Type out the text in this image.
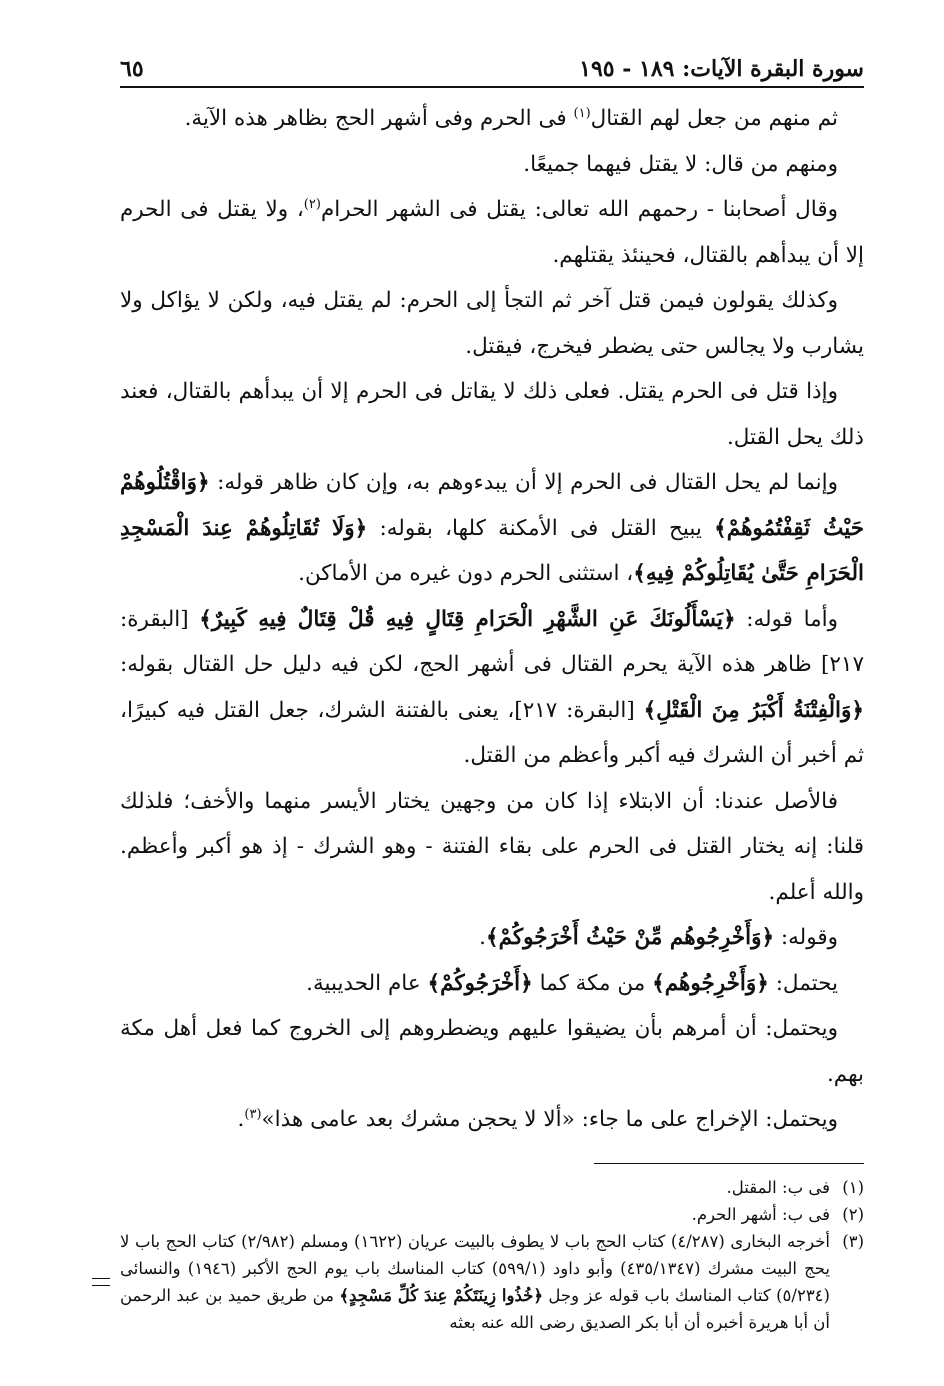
سورة البقرة الآيات: ١٨٩ - ١٩٥
٦٥

ثم منهم من جعل لهم القتال$^{(١)}$ فى الحرم وفى أشهر الحج بظاهر هذه الآية.

ومنهم من قال: لا يقتل فيهما جميعًا.

وقال أصحابنا - رحمهم الله تعالى: يقتل فى الشهر الحرام$^{(٢)}$، ولا يقتل فى الحرم إلا أن يبدأهم بالقتال، فحينئذ يقتلهم.

وكذلك يقولون فيمن قتل آخر ثم التجأ إلى الحرم: لم يقتل فيه، ولكن لا يؤاكل ولا يشارب ولا يجالس حتى يضطر فيخرج، فيقتل.

وإذا قتل فى الحرم يقتل. فعلى ذلك لا يقاتل فى الحرم إلا أن يبدأهم بالقتال، فعند ذلك يحل القتل.

وإنما لم يحل القتال فى الحرم إلا أن يبدءوهم به، وإن كان ظاهر قوله: ﴿وَاقْتُلُوهُمْ حَيْثُ ثَقِفْتُمُوهُمْ﴾ يبيح القتل فى الأمكنة كلها، بقوله: ﴿وَلَا تُقَاتِلُوهُمْ عِندَ الْمَسْجِدِ الْحَرَامِ حَتَّىٰ يُقَاتِلُوكُمْ فِيهِ﴾، استثنى الحرم دون غيره من الأماكن.

وأما قوله: ﴿يَسْأَلُونَكَ عَنِ الشَّهْرِ الْحَرَامِ قِتَالٍ فِيهِ قُلْ قِتَالٌ فِيهِ كَبِيرٌ﴾ [البقرة: ٢١٧] ظاهر هذه الآية يحرم القتال فى أشهر الحج، لكن فيه دليل حل القتال بقوله: ﴿وَالْفِتْنَةُ أَكْبَرُ مِنَ الْقَتْلِ﴾ [البقرة: ٢١٧]، يعنى بالفتنة الشرك، جعل القتل فيه كبيرًا، ثم أخبر أن الشرك فيه أكبر وأعظم من القتل.

فالأصل عندنا: أن الابتلاء إذا كان من وجهين يختار الأيسر منهما والأخف؛ فلذلك قلنا: إنه يختار القتل فى الحرم على بقاء الفتنة - وهو الشرك - إذ هو أكبر وأعظم. والله أعلم.

وقوله: ﴿وَأَخْرِجُوهُم مِّنْ حَيْثُ أَخْرَجُوكُمْ﴾.

يحتمل: ﴿وَأَخْرِجُوهُم﴾ من مكة كما ﴿أَخْرَجُوكُمْ﴾ عام الحديبية.

ويحتمل: أن أمرهم بأن يضيقوا عليهم ويضطروهم إلى الخروج كما فعل أهل مكة بهم.

ويحتمل: الإخراج على ما جاء: «ألا لا يحجن مشرك بعد عامى هذا»$^{(٣)}$.

(١)
فى ب: المقتل.
(٢)
فى ب: أشهر الحرم.
(٣)
أخرجه البخارى (٤/٢٨٧) كتاب الحج باب لا يطوف بالبيت عريان (١٦٢٢) ومسلم (٢/٩٨٢) كتاب الحج باب لا يحج البيت مشرك (٤٣٥/١٣٤٧) وأبو داود (٥٩٩/١) كتاب المناسك باب يوم الحج الأكبر (١٩٤٦) والنسائى (٥/٢٣٤) كتاب المناسك باب قوله عز وجل ﴿خُذُوا زِينَتَكُمْ عِندَ كُلِّ مَسْجِدٍ﴾ من طريق حميد بن عبد الرحمن أن أبا هريرة أخبره أن أبا بكر الصديق رضى الله عنه بعثه
